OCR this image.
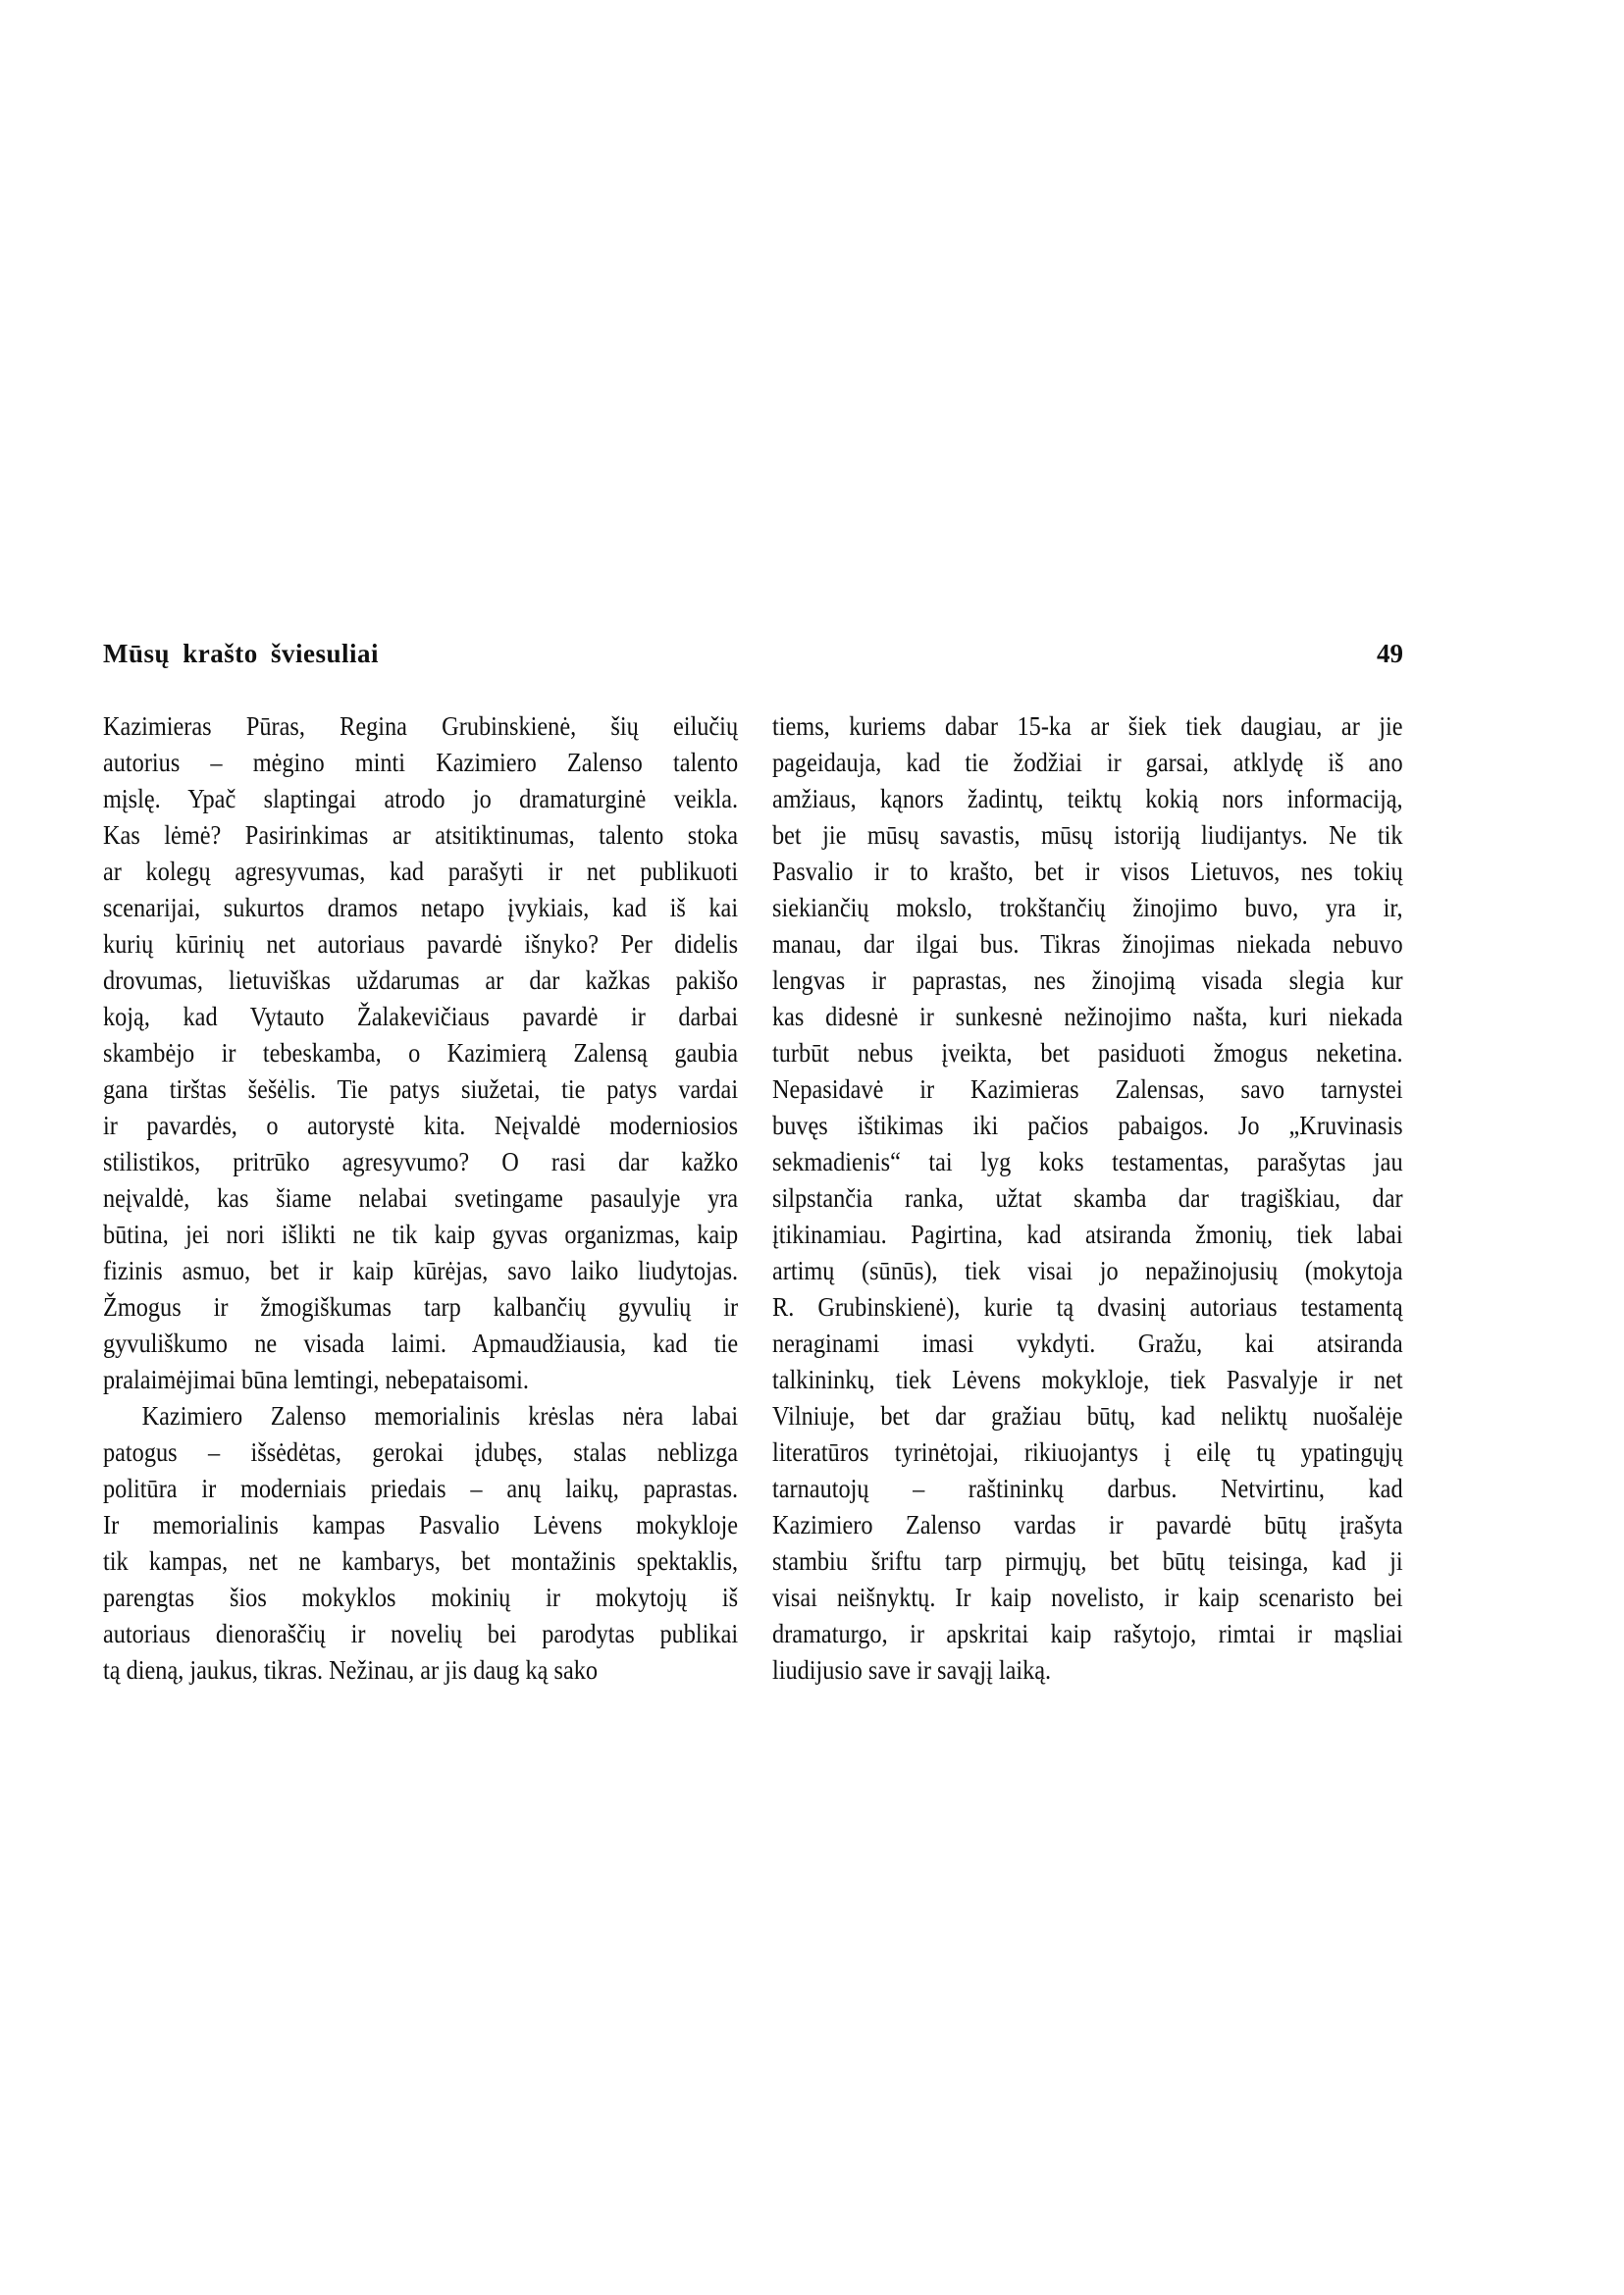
Mūsų krašto šviesuliai	49
Kazimieras Pūras, Regina Grubinskienė, šių eilučių
autorius – mėgino minti Kazimiero Zalenso talento
mįslę. Ypač slaptingai atrodo jo dramaturginė veikla.
Kas lėmė? Pasirinkimas ar atsitiktinumas, talento stoka
ar kolegų agresyvumas, kad parašyti ir net publikuoti
scenarijai, sukurtos dramos netapo įvykiais, kad iš kai
kurių kūrinių net autoriaus pavardė išnyko? Per didelis
drovumas, lietuviškas uždarumas ar dar kažkas pakišo
koją, kad Vytauto Žalakevičiaus pavardė ir darbai
skambėjo ir tebeskamba, o Kazimierą Zalensą gaubia
gana tirštas šešėlis. Tie patys siužetai, tie patys vardai
ir pavardės, o autorystė kita. Neįvaldė moderniosios
stilistikos, pritrūko agresyvumo? O rasi dar kažko
neįvaldė, kas šiame nelabai svetingame pasaulyje yra
būtina, jei nori išlikti ne tik kaip gyvas organizmas, kaip
fizinis asmuo, bet ir kaip kūrėjas, savo laiko liudytojas.
Žmogus ir žmogiškumas tarp kalbančių gyvulių ir
gyvuliškumo ne visada laimi. Apmaudžiausia, kad tie
pralaimėjimai būna lemtingi, nebepataisomi.
Kazimiero Zalenso memorialinis krėslas nėra labai
patogus – išsėdėtas, gerokai įdubęs, stalas neblizga
politūra ir moderniais priedais – anų laikų, paprastas.
Ir memorialinis kampas Pasvalio Lėvens mokykloje
tik kampas, net ne kambarys, bet montažinis spektaklis,
parengtas šios mokyklos mokinių ir mokytojų iš
autoriaus dienoraščių ir novelių bei parodytas publikai
tą dieną, jaukus, tikras. Nežinau, ar jis daug ką sako
tiems, kuriems dabar 15-ka ar šiek tiek daugiau, ar jie
pageidauja, kad tie žodžiai ir garsai, atklydę iš ano
amžiaus, kąnors žadintų, teiktų kokią nors informaciją,
bet jie mūsų savastis, mūsų istoriją liudijantys. Ne tik
Pasvalio ir to krašto, bet ir visos Lietuvos, nes tokių
siekiančių mokslo, trokštančių žinojimo buvo, yra ir,
manau, dar ilgai bus. Tikras žinojimas niekada nebuvo
lengvas ir paprastas, nes žinojimą visada slegia kur
kas didesnė ir sunkesnė nežinojimo našta, kuri niekada
turbūt nebus įveikta, bet pasiduoti žmogus neketina.
Nepasidavė ir Kazimieras Zalensas, savo tarnystei
buvęs ištikimas iki pačios pabaigos. Jo „Kruvinasis
sekmadienis“ tai lyg koks testamentas, parašytas jau
silpstančia ranka, užtat skamba dar tragiškiau, dar
įtikinamiau. Pagirtina, kad atsiranda žmonių, tiek labai
artimų (sūnūs), tiek visai jo nepažinojusių (mokytoja
R. Grubinskienė), kurie tą dvasinį autoriaus testamentą
neraginami imasi vykdyti. Gražu, kai atsiranda
talkininkų, tiek Lėvens mokykloje, tiek Pasvalyje ir net
Vilniuje, bet dar gražiau būtų, kad neliktų nuošalėje
literatūros tyrinėtojai, rikiuojantys į eilę tų ypatingųjų
tarnautojų – raštininkų darbus. Netvirtinu, kad
Kazimiero Zalenso vardas ir pavardė būtų įrašyta
stambiu šriftu tarp pirmųjų, bet būtų teisinga, kad ji
visai neišnyktų. Ir kaip novelisto, ir kaip scenaristo bei
dramaturgo, ir apskritai kaip rašytojo, rimtai ir mąsliai
liudijusio save ir savąjį laiką.
